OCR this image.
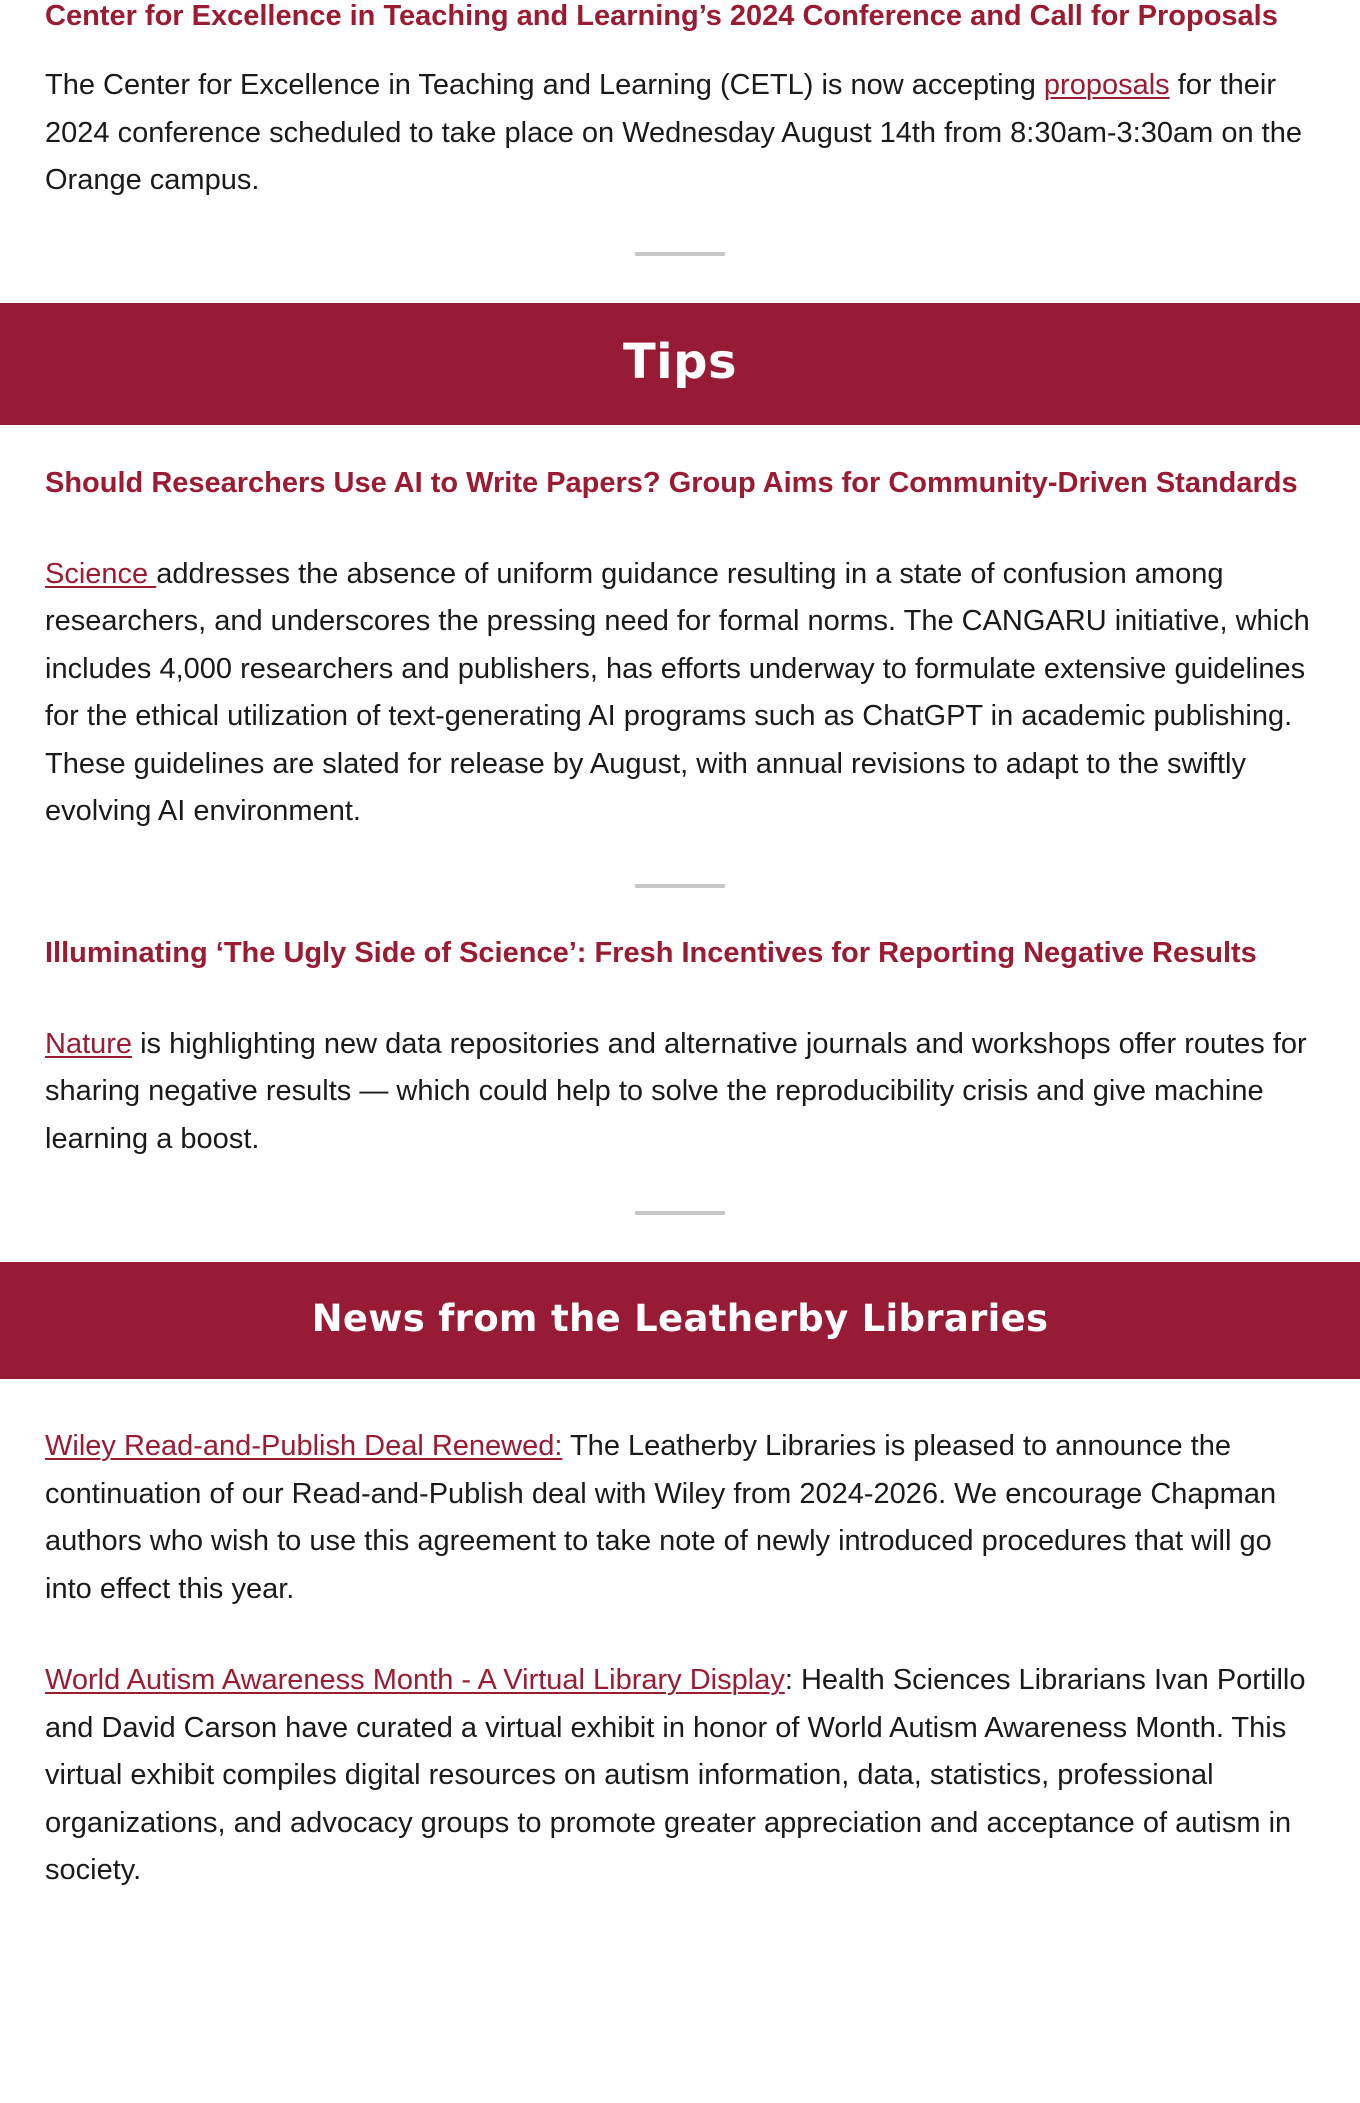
Center for Excellence in Teaching and Learning’s 2024 Conference and Call for Proposals

The Center for Excellence in Teaching and Learning (CETL) is now accepting proposals for their 2024 conference scheduled to take place on Wednesday August 14th from 8:30am-3:30am on the Orange campus.

Tips
Should Researchers Use AI to Write Papers? Group Aims for Community-Driven Standards

Science addresses the absence of uniform guidance resulting in a state of confusion among researchers, and underscores the pressing need for formal norms. The CANGARU initiative, which includes 4,000 researchers and publishers, has efforts underway to formulate extensive guidelines for the ethical utilization of text-generating AI programs such as ChatGPT in academic publishing. These guidelines are slated for release by August, with annual revisions to adapt to the swiftly evolving AI environment.

Illuminating ‘The Ugly Side of Science’: Fresh Incentives for Reporting Negative Results

Nature is highlighting new data repositories and alternative journals and workshops offer routes for sharing negative results — which could help to solve the reproducibility crisis and give machine learning a boost.

News from the Leatherby Libraries

Wiley Read-and-Publish Deal Renewed: The Leatherby Libraries is pleased to announce the continuation of our Read-and-Publish deal with Wiley from 2024-2026. We encourage Chapman authors who wish to use this agreement to take note of newly introduced procedures that will go into effect this year.

World Autism Awareness Month - A Virtual Library Display: Health Sciences Librarians Ivan Portillo and David Carson have curated a virtual exhibit in honor of World Autism Awareness Month. This virtual exhibit compiles digital resources on autism information, data, statistics, professional organizations, and advocacy groups to promote greater appreciation and acceptance of autism in society.
